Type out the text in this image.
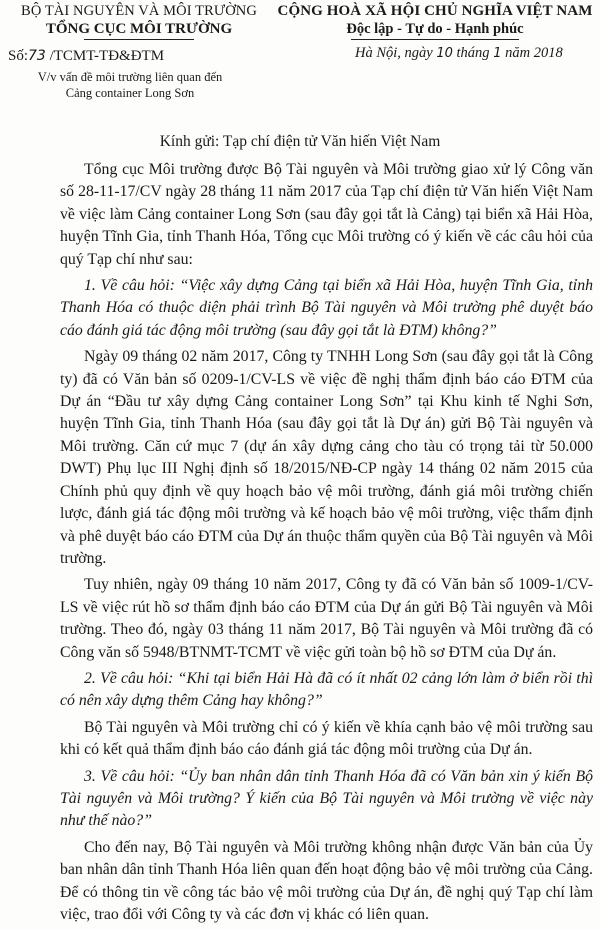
BỘ TÀI NGUYÊN VÀ MÔI TRƯỜNG
TỔNG CỤC MÔI TRƯỜNG
CỘNG HOÀ XÃ HỘI CHỦ NGHĨA VIỆT NAM
Độc lập - Tự do - Hạnh phúc
Số:73 /TCMT-TĐ&ĐTM
V/v vấn đề môi trường liên quan đến
Cảng container Long Sơn
Hà Nội, ngày 10 tháng 1 năm 2018
Kính gửi: Tạp chí điện tử Văn hiến Việt Nam

Tổng cục Môi trường được Bộ Tài nguyên và Môi trường giao xử lý Công văn số 28-11-17/CV ngày 28 tháng 11 năm 2017 của Tạp chí điện tử Văn hiến Việt Nam về việc làm Cảng container Long Sơn (sau đây gọi tắt là Cảng) tại biển xã Hải Hòa, huyện Tĩnh Gia, tỉnh Thanh Hóa, Tổng cục Môi trường có ý kiến về các câu hỏi của quý Tạp chí như sau:

1. Về câu hỏi: “Việc xây dựng Cảng tại biển xã Hải Hòa, huyện Tĩnh Gia, tỉnh Thanh Hóa có thuộc diện phải trình Bộ Tài nguyên và Môi trường phê duyệt báo cáo đánh giá tác động môi trường (sau đây gọi tắt là ĐTM) không?”

Ngày 09 tháng 02 năm 2017, Công ty TNHH Long Sơn (sau đây gọi tắt là Công ty) đã có Văn bản số 0209-1/CV-LS về việc đề nghị thẩm định báo cáo ĐTM của Dự án “Đầu tư xây dựng Cảng container Long Sơn” tại Khu kinh tế Nghi Sơn, huyện Tĩnh Gia, tỉnh Thanh Hóa (sau đây gọi tắt là Dự án) gửi Bộ Tài nguyên và Môi trường. Căn cứ mục 7 (dự án xây dựng cảng cho tàu có trọng tải từ 50.000 DWT) Phụ lục III Nghị định số 18/2015/NĐ-CP ngày 14 tháng 02 năm 2015 của Chính phủ quy định về quy hoạch bảo vệ môi trường, đánh giá môi trường chiến lược, đánh giá tác động môi trường và kế hoạch bảo vệ môi trường, việc thẩm định và phê duyệt báo cáo ĐTM của Dự án thuộc thẩm quyền của Bộ Tài nguyên và Môi trường.

Tuy nhiên, ngày 09 tháng 10 năm 2017, Công ty đã có Văn bản số 1009-1/CV-LS về việc rút hồ sơ thẩm định báo cáo ĐTM của Dự án gửi Bộ Tài nguyên và Môi trường. Theo đó, ngày 03 tháng 11 năm 2017, Bộ Tài nguyên và Môi trường đã có Công văn số 5948/BTNMT-TCMT về việc gửi toàn bộ hồ sơ ĐTM của Dự án.

2. Về câu hỏi: “Khi tại biển Hải Hà đã có ít nhất 02 cảng lớn làm ở biển rồi thì có nên xây dựng thêm Cảng hay không?”

Bộ Tài nguyên và Môi trường chỉ có ý kiến về khía cạnh bảo vệ môi trường sau khi có kết quả thẩm định báo cáo đánh giá tác động môi trường của Dự án.

3. Về câu hỏi: “Ủy ban nhân dân tỉnh Thanh Hóa đã có Văn bản xin ý kiến Bộ Tài nguyên và Môi trường? Ý kiến của Bộ Tài nguyên và Môi trường về việc này như thế nào?”

Cho đến nay, Bộ Tài nguyên và Môi trường không nhận được Văn bản của Ủy ban nhân dân tỉnh Thanh Hóa liên quan đến hoạt động bảo vệ môi trường của Cảng. Để có thông tin về công tác bảo vệ môi trường của Dự án, đề nghị quý Tạp chí làm việc, trao đổi với Công ty và các đơn vị khác có liên quan.
